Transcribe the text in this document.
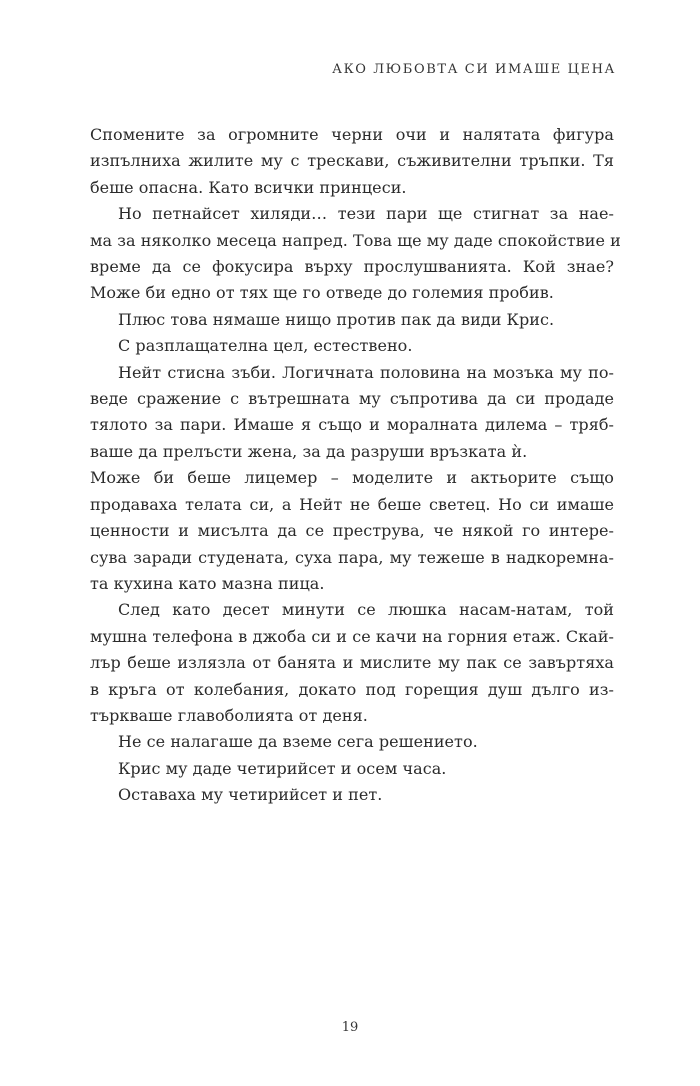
АКО ЛЮБОВТА СИ ИМАШЕ ЦЕНА
Спомените за огромните черни очи и налятата фигура
изпълниха жилите му с трескави, съживителни тръпки. Тя
беше опасна. Като всички принцеси.
Но петнайсет хиляди… тези пари ще стигнат за нае-
ма за няколко месеца напред. Това ще му даде спокойствие и
време да се фокусира върху прослушванията. Кой знае?
Може би едно от тях ще го отведе до големия пробив.
Плюс това нямаше нищо против пак да види Крис.
С разплащателна цел, естествено.
Нейт стисна зъби. Логичната половина на мозъка му по-
веде сражение с вътрешната му съпротива да си продаде
тялото за пари. Имаше я също и моралната дилема – тряб-
ваше да прелъсти жена, за да разруши връзката ѝ.
Може би беше лицемер – моделите и актьорите също
продаваха телата си, а Нейт не беше светец. Но си имаше
ценности и мисълта да се преструва, че някой го интере-
сува заради студената, суха пара, му тежеше в надкоремна-
та кухина като мазна пица.
След като десет минути се люшка насам-натам, той
мушна телефона в джоба си и се качи на горния етаж. Скай-
лър беше излязла от банята и мислите му пак се завъртяха
в кръга от колебания, докато под горещия душ дълго из-
търкваше главоболията от деня.
Не се налагаше да вземе сега решението.
Крис му даде четирийсет и осем часа.
Оставаха му четирийсет и пет.
19
